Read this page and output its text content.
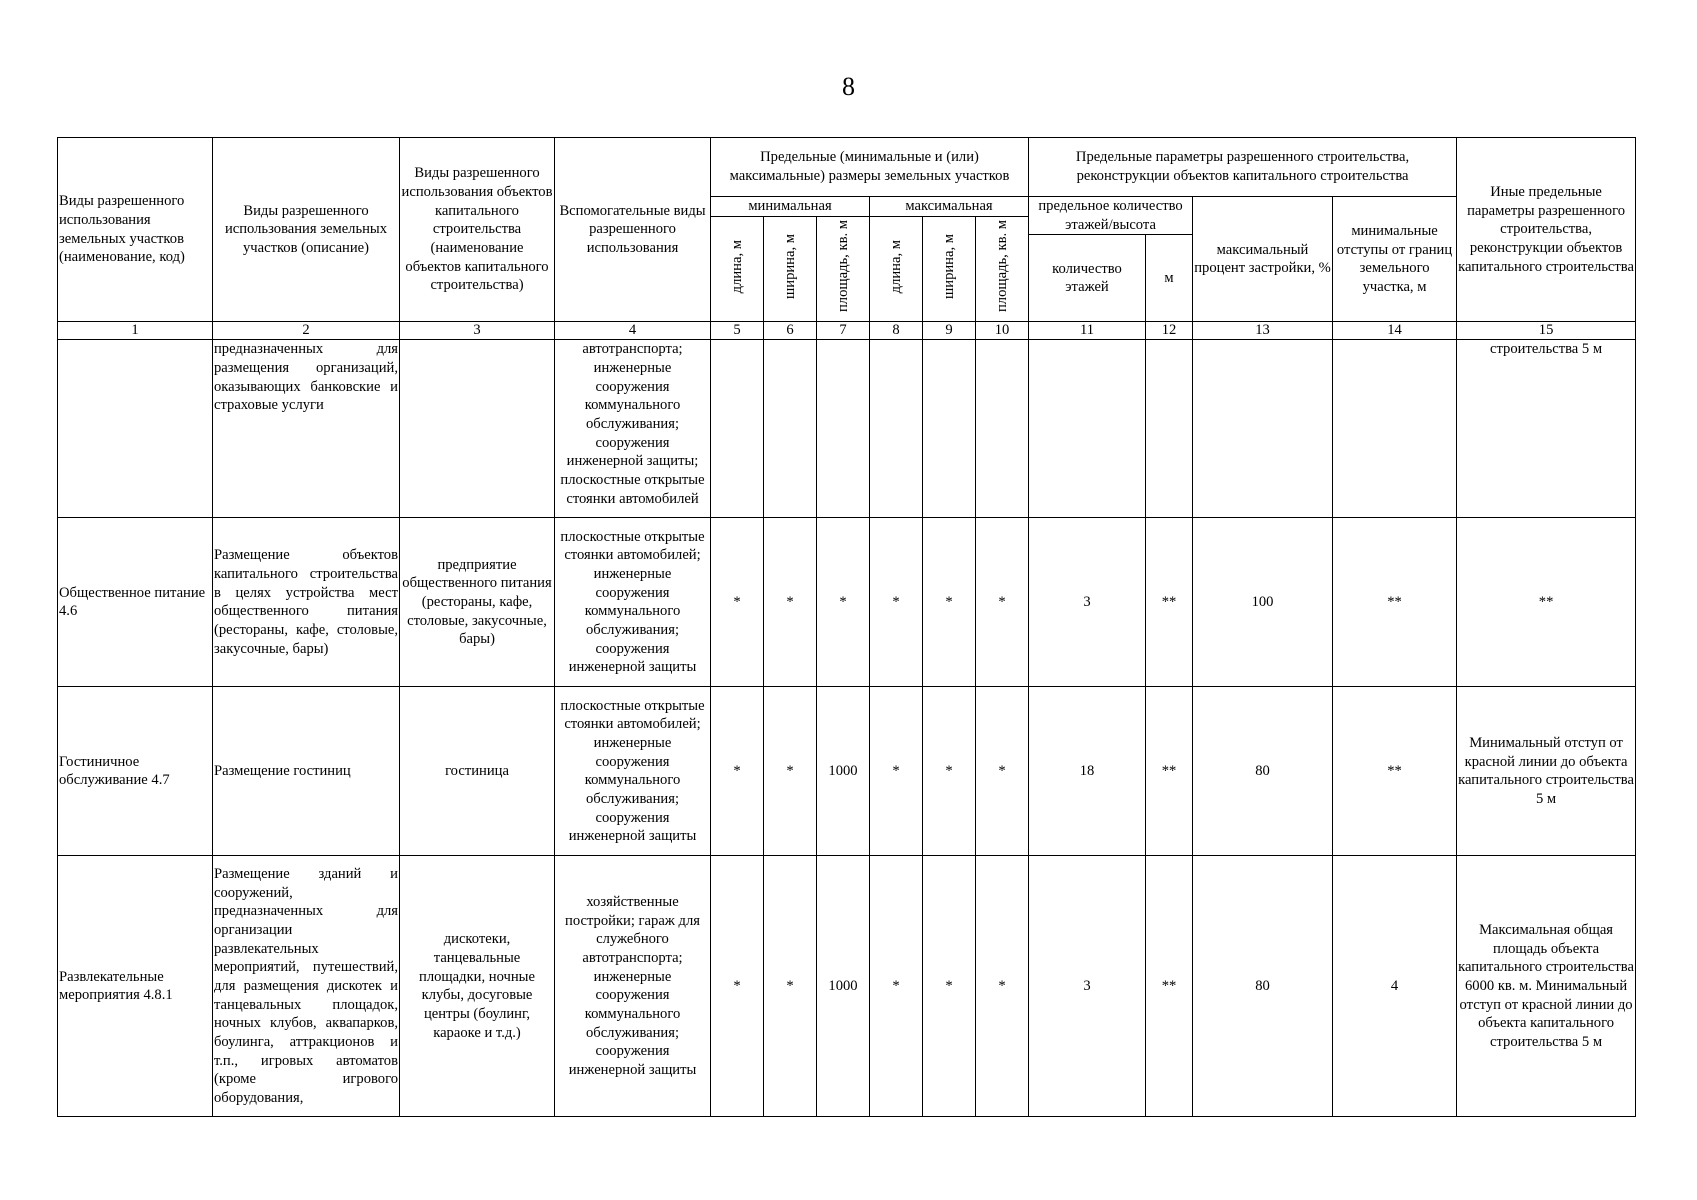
8
Виды разрешенного использования земельных участков (наименование, код)	Виды разрешенного использования земельных участков (описание)	Виды разрешенного использования объектов капитального строительства (наименование объектов капитального строительства)	Вспомогательные виды разрешенного использования	Предельные (минимальные и (или) максимальные) размеры земельных участков						Предельные параметры разрешенного строительства, реконструкции объектов капитального строительства				Иные предельные параметры разрешенного строительства, реконструкции объектов капитального строительства
				минимальная			максимальная			предельное количество этажей/высота		максимальный процент застройки, %	минимальные отступы от границ земельного участка, м	
				длина, м	ширина, м	площадь, кв. м	длина, м	ширина, м	площадь, кв. м					
										количество этажей	м			
1	2	3	4	5	6	7	8	9	10	11	12	13	14	15
	предназначенных для размещения организаций, оказывающих банковские и страховые услуги		автотранспорта; инженерные сооружения коммунального обслуживания; сооружения инженерной защиты; плоскостные открытые стоянки автомобилей											строительства 5 м
Общественное питание 4.6	Размещение объектов капитального строительства в целях устройства мест общественного питания (рестораны, кафе, столовые, закусочные, бары)	предприятие общественного питания (рестораны, кафе, столовые, закусочные, бары)	плоскостные открытые стоянки автомобилей; инженерные сооружения коммунального обслуживания; сооружения инженерной защиты	*	*	*	*	*	*	3	**	100	**	**
Гостиничное обслуживание 4.7	Размещение гостиниц	гостиница	плоскостные открытые стоянки автомобилей; инженерные сооружения коммунального обслуживания; сооружения инженерной защиты	*	*	1000	*	*	*	18	**	80	**	Минимальный отступ от красной линии до объекта капитального строительства 5 м
Развлекательные мероприятия 4.8.1	Размещение зданий и сооружений, предназначенных для организации развлекательных мероприятий, путешествий, для размещения дискотек и танцевальных площадок, ночных клубов, аквапарков, боулинга, аттракционов и т.п., игровых автоматов (кроме игрового оборудования,	дискотеки, танцевальные площадки, ночные клубы, досуговые центры (боулинг, караоке и т.д.)	хозяйственные постройки; гараж для служебного автотранспорта; инженерные сооружения коммунального обслуживания; сооружения инженерной защиты	*	*	1000	*	*	*	3	**	80	4	Максимальная общая площадь объекта капитального строительства 6000 кв. м. Минимальный отступ от красной линии до объекта капитального строительства 5 м
